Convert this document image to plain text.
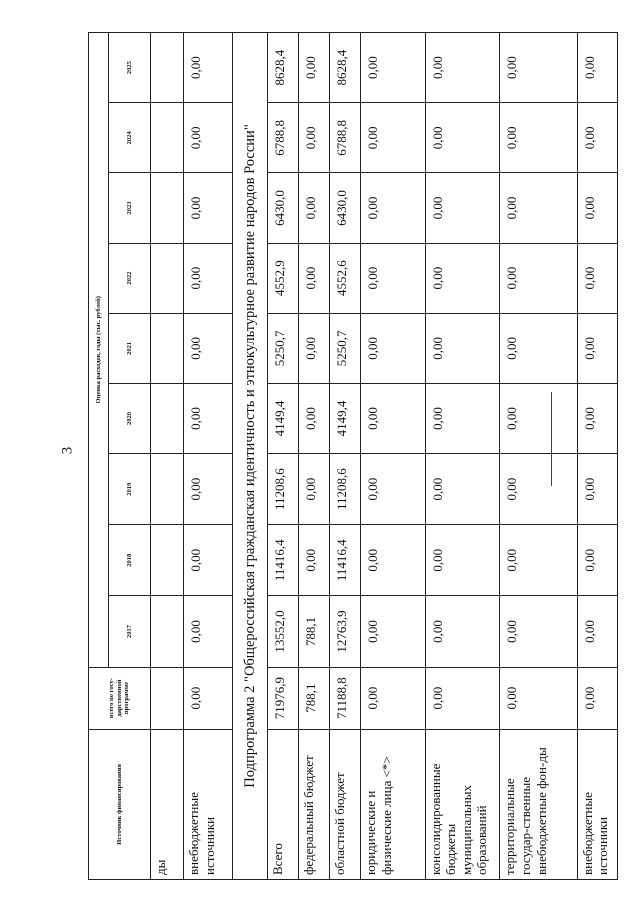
3
Источник финансирования	всего по госу-дарственной программе	Оценка расходов, годы (тыс. рублей)								
		2017	2018	2019	2020	2021	2022	2023	2024	2025
ды										
внебюджетные источники	0,00	0,00	0,00	0,00	0,00	0,00	0,00	0,00	0,00	0,00
Подпрограмма 2 "Общероссийская гражданская идентичность и этнокультурное развитие народов России"										
Всего	71976,9	13552,0	11416,4	11208,6	4149,4	5250,7	4552,9	6430,0	6788,8	8628,4
федеральный бюджет	788,1	788,1	0,00	0,00	0,00	0,00	0,00	0,00	0,00	0,00
областной бюджет	71188,8	12763,9	11416,4	11208,6	4149,4	5250,7	4552,6	6430,0	6788,8	8628,4
юридические и физические лица <*>	0,00	0,00	0,00	0,00	0,00	0,00	0,00	0,00	0,00	0,00
консолидированные бюджеты муниципальных образований	0,00	0,00	0,00	0,00	0,00	0,00	0,00	0,00	0,00	0,00
территориальные государ-ственные внебюджетные фон-ды	0,00	0,00	0,00	0,00	0,00	0,00	0,00	0,00	0,00	0,00
внебюджетные источники	0,00	0,00	0,00	0,00	0,00	0,00	0,00	0,00	0,00	0,00
